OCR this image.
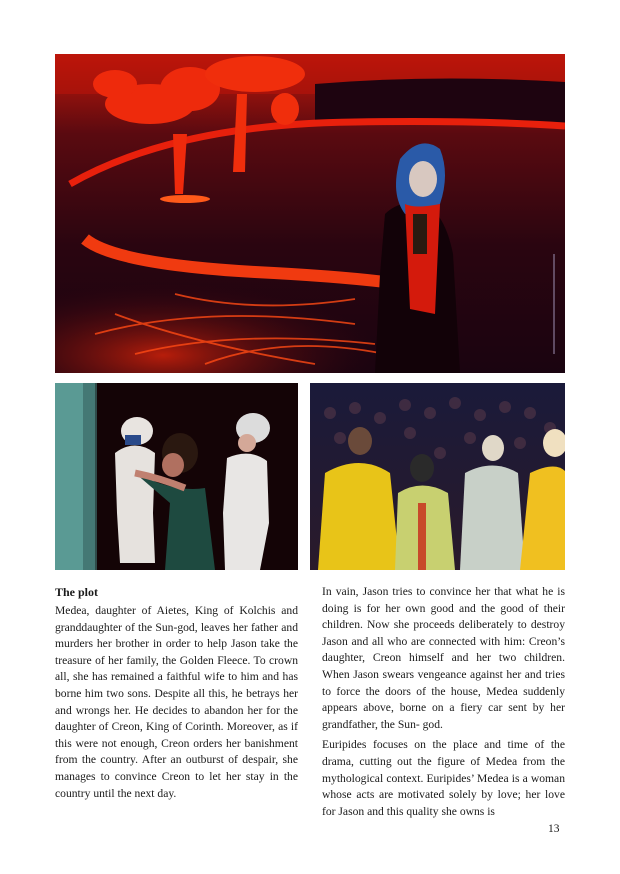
The plot

Medea, daughter of Aietes, King of Kolchis and granddaughter of the Sun-god, leaves her father and murders her brother in order to help Jason take the treasure of her family, the Golden Fleece. To crown all, she has remained a faithful wife to him and has borne him two sons. Despite all this, he betrays her and wrongs her. He decides to abandon her for the daughter of Creon, King of Corinth. Moreover, as if this were not enough, Creon orders her banishment from the country. After an outburst of despair, she manages to convince Creon to let her stay in the country until the next day.

In vain, Jason tries to convince her that what he is doing is for her own good and the good of their children. Now she proceeds deliberately to destroy Jason and all who are connected with him: Creon’s daughter, Creon himself and her two children. When Jason swears vengeance against her and tries to force the doors of the house, Medea suddenly appears above, borne on a fiery car sent by her grandfather, the Sun- god.

Euripides focuses on the place and time of the drama, cutting out the figure of Medea from the mythological context. Euripides’ Medea is a woman whose acts are motivated solely by love; her love for Jason and this quality she owns is

13
